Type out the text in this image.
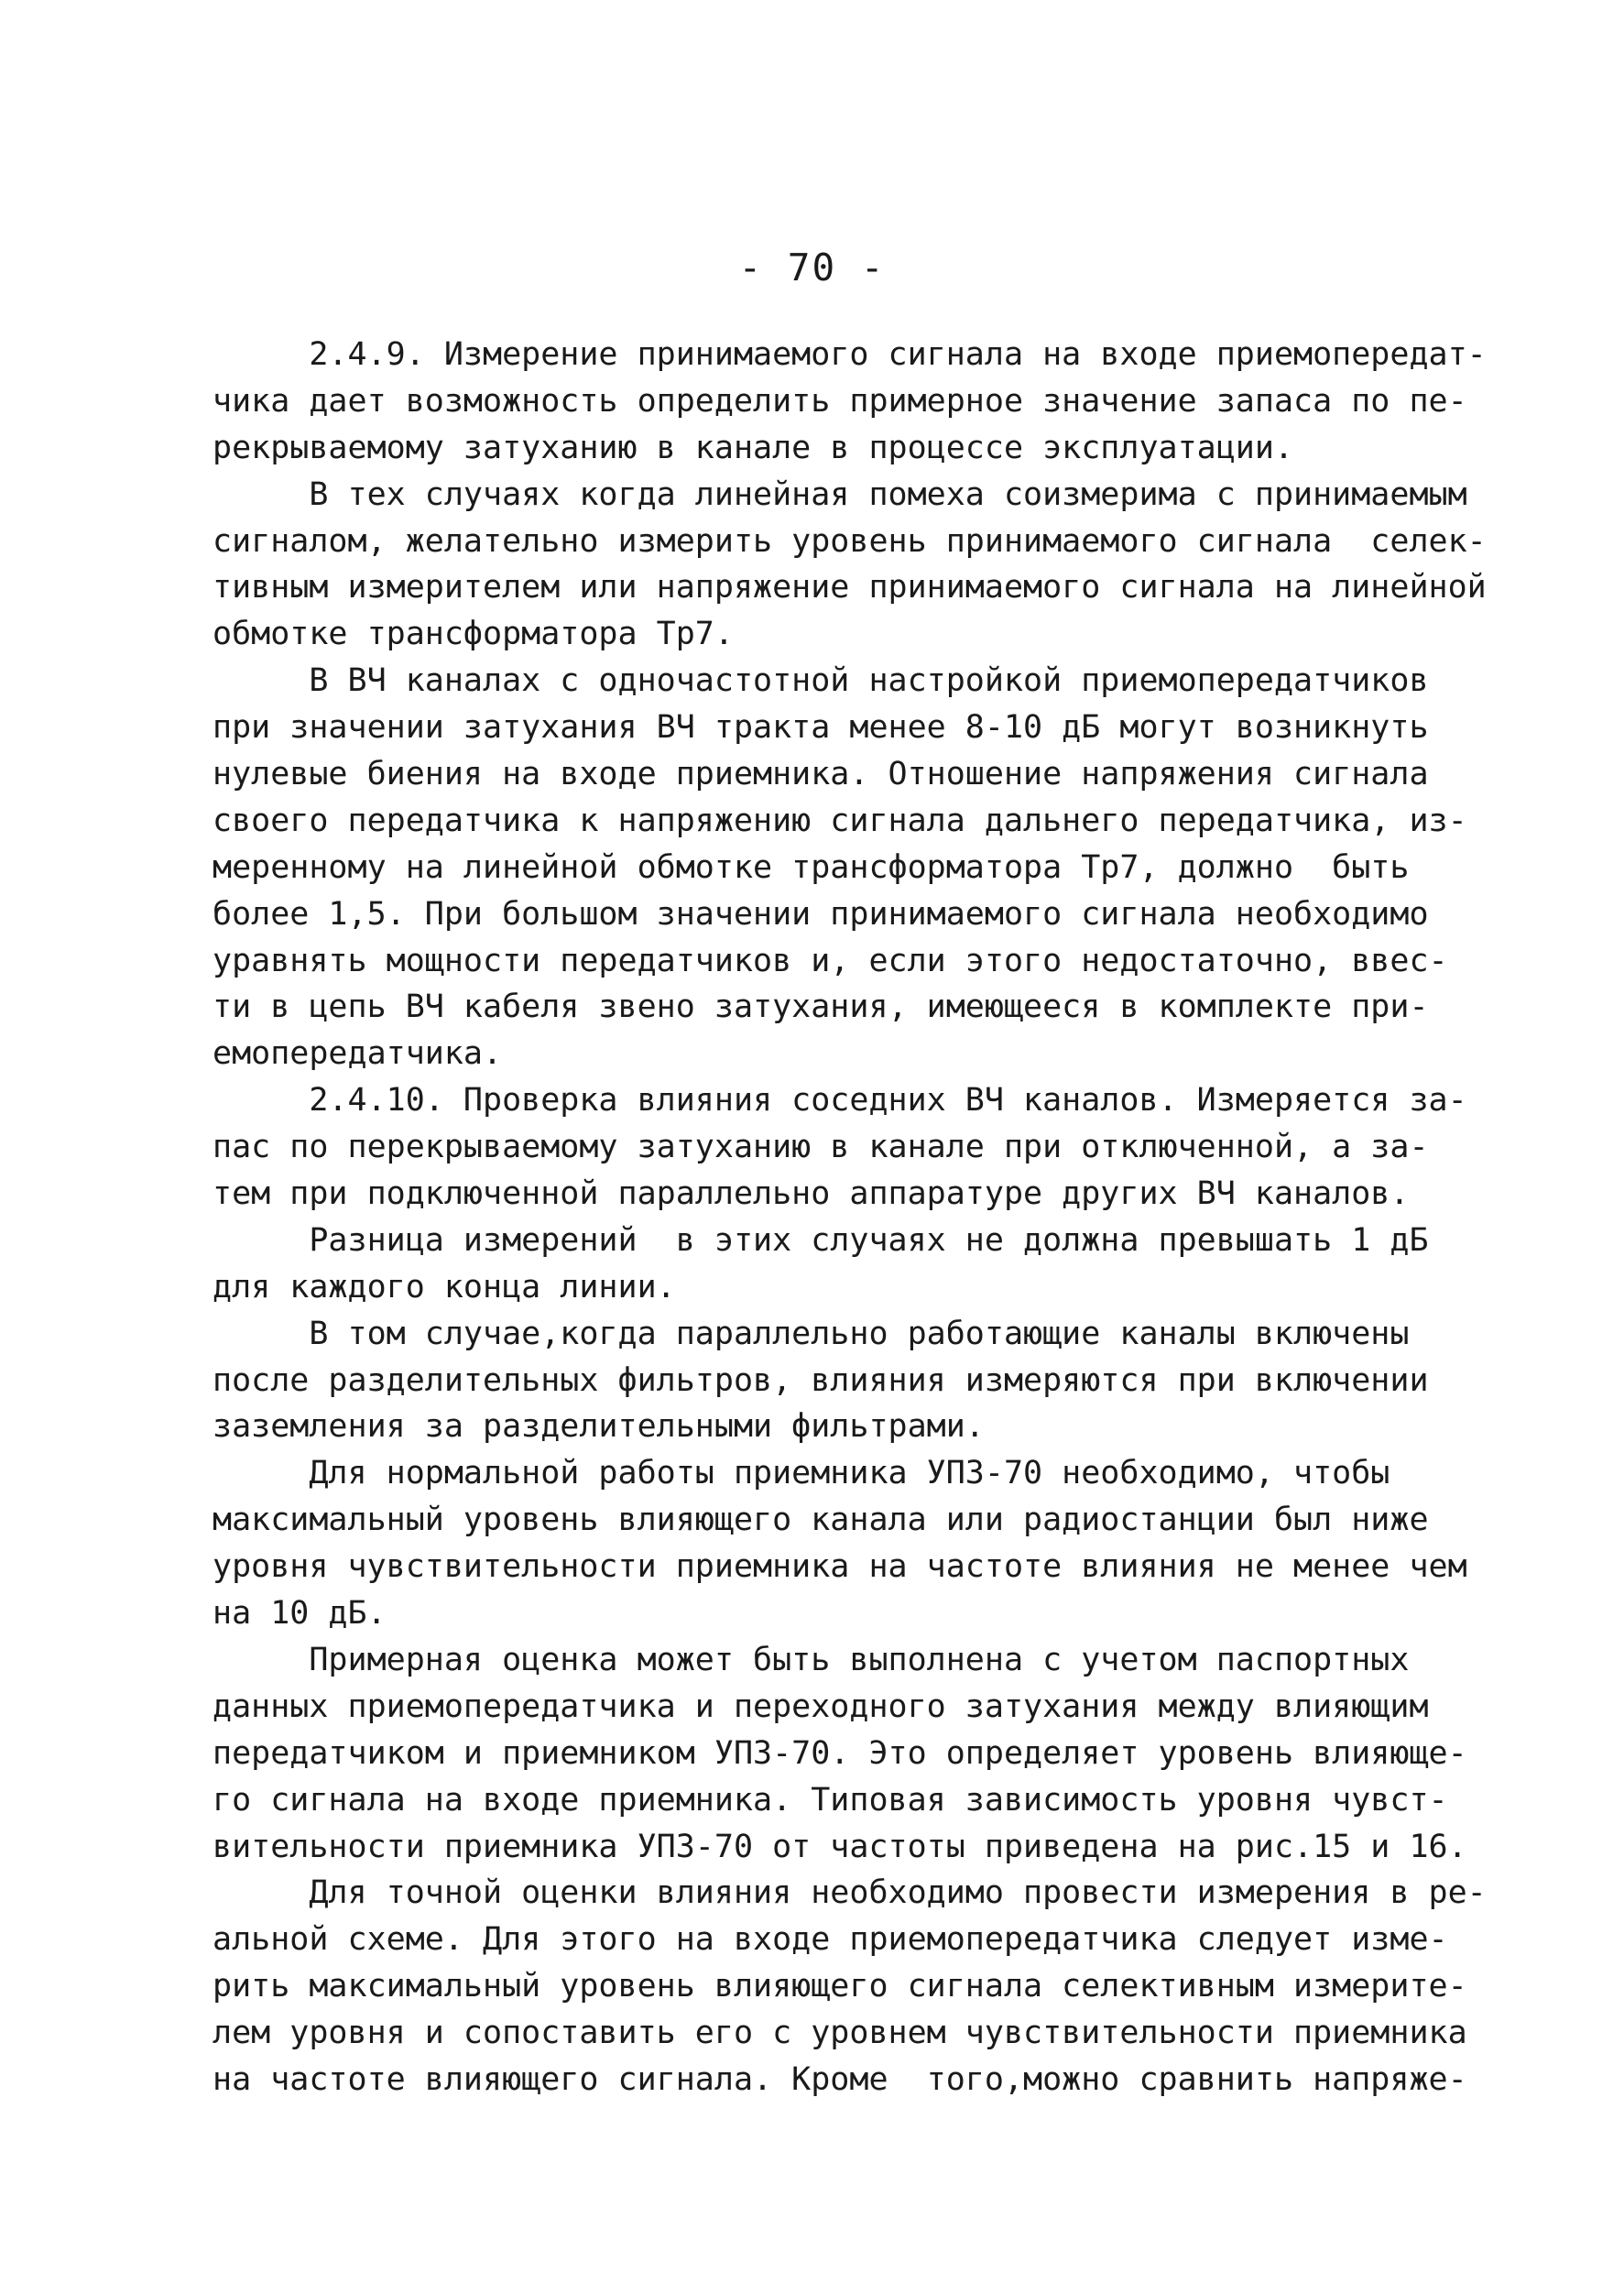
- 70 -
2.4.9. Измерение принимаемого сигнала на входе приемопередат-
чика дает возможность определить примерное значение запаса по пе-
рекрываемому затуханию в канале в процессе эксплуатации.
В тех случаях когда линейная помеха соизмерима с принимаемым
сигналом, желательно измерить уровень принимаемого сигнала  селек-
тивным измерителем или напряжение принимаемого сигнала на линейной
обмотке трансформатора Тр7.
В ВЧ каналах с одночастотной настройкой приемопередатчиков
при значении затухания ВЧ тракта менее 8-10 дБ могут возникнуть
нулевые биения на входе приемника. Отношение напряжения сигнала
своего передатчика к напряжению сигнала дальнего передатчика, из-
меренному на линейной обмотке трансформатора Тр7, должно  быть
более 1,5. При большом значении принимаемого сигнала необходимо
уравнять мощности передатчиков и, если этого недостаточно, ввес-
ти в цепь ВЧ кабеля звено затухания, имеющееся в комплекте при-
емопередатчика.
2.4.10. Проверка влияния соседних ВЧ каналов. Измеряется за-
пас по перекрываемому затуханию в канале при отключенной, а за-
тем при подключенной параллельно аппаратуре других ВЧ каналов.
Разница измерений  в этих случаях не должна превышать 1 дБ
для каждого конца линии.
В том случае,когда параллельно работающие каналы включены
после разделительных фильтров, влияния измеряются при включении
заземления за разделительными фильтрами.
Для нормальной работы приемника УПЗ-70 необходимо, чтобы
максимальный уровень влияющего канала или радиостанции был ниже
уровня чувствительности приемника на частоте влияния не менее чем
на 10 дБ.
Примерная оценка может быть выполнена с учетом паспортных
данных приемопередатчика и переходного затухания между влияющим
передатчиком и приемником УПЗ-70. Это определяет уровень влияюще-
го сигнала на входе приемника. Типовая зависимость уровня чувст-
вительности приемника УПЗ-70 от частоты приведена на рис.15 и 16.
Для точной оценки влияния необходимо провести измерения в ре-
альной схеме. Для этого на входе приемопередатчика следует изме-
рить максимальный уровень влияющего сигнала селективным измерите-
лем уровня и сопоставить его с уровнем чувствительности приемника
на частоте влияющего сигнала. Кроме  того,можно сравнить напряже-
